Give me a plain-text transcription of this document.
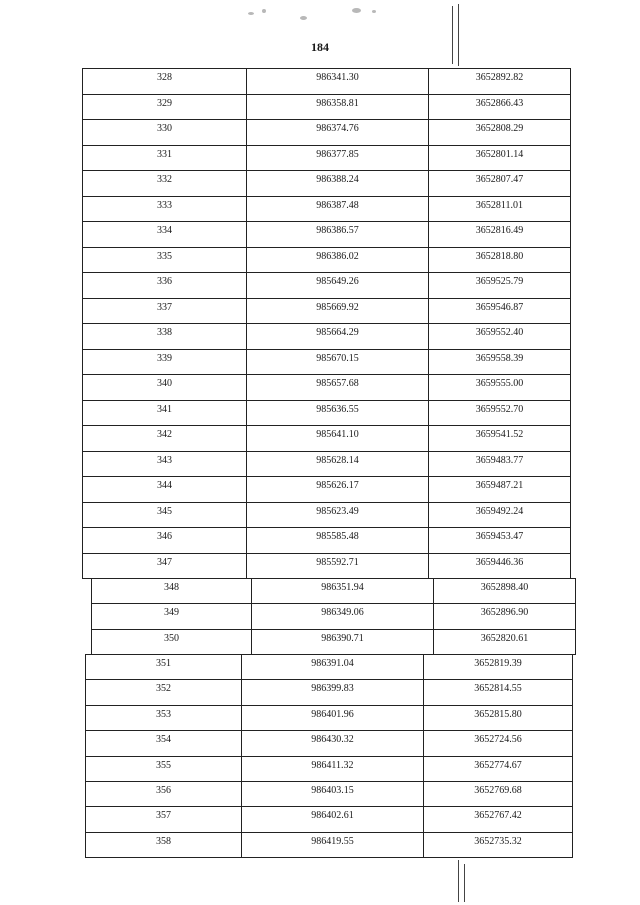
184
328	986341.30	3652892.82
329	986358.81	3652866.43
330	986374.76	3652808.29
331	986377.85	3652801.14
332	986388.24	3652807.47
333	986387.48	3652811.01
334	986386.57	3652816.49
335	986386.02	3652818.80
336	985649.26	3659525.79
337	985669.92	3659546.87
338	985664.29	3659552.40
339	985670.15	3659558.39
340	985657.68	3659555.00
341	985636.55	3659552.70
342	985641.10	3659541.52
343	985628.14	3659483.77
344	985626.17	3659487.21
345	985623.49	3659492.24
346	985585.48	3659453.47
347	985592.71	3659446.36
348	986351.94	3652898.40
349	986349.06	3652896.90
350	986390.71	3652820.61
351	986391.04	3652819.39
352	986399.83	3652814.55
353	986401.96	3652815.80
354	986430.32	3652724.56
355	986411.32	3652774.67
356	986403.15	3652769.68
357	986402.61	3652767.42
358	986419.55	3652735.32
